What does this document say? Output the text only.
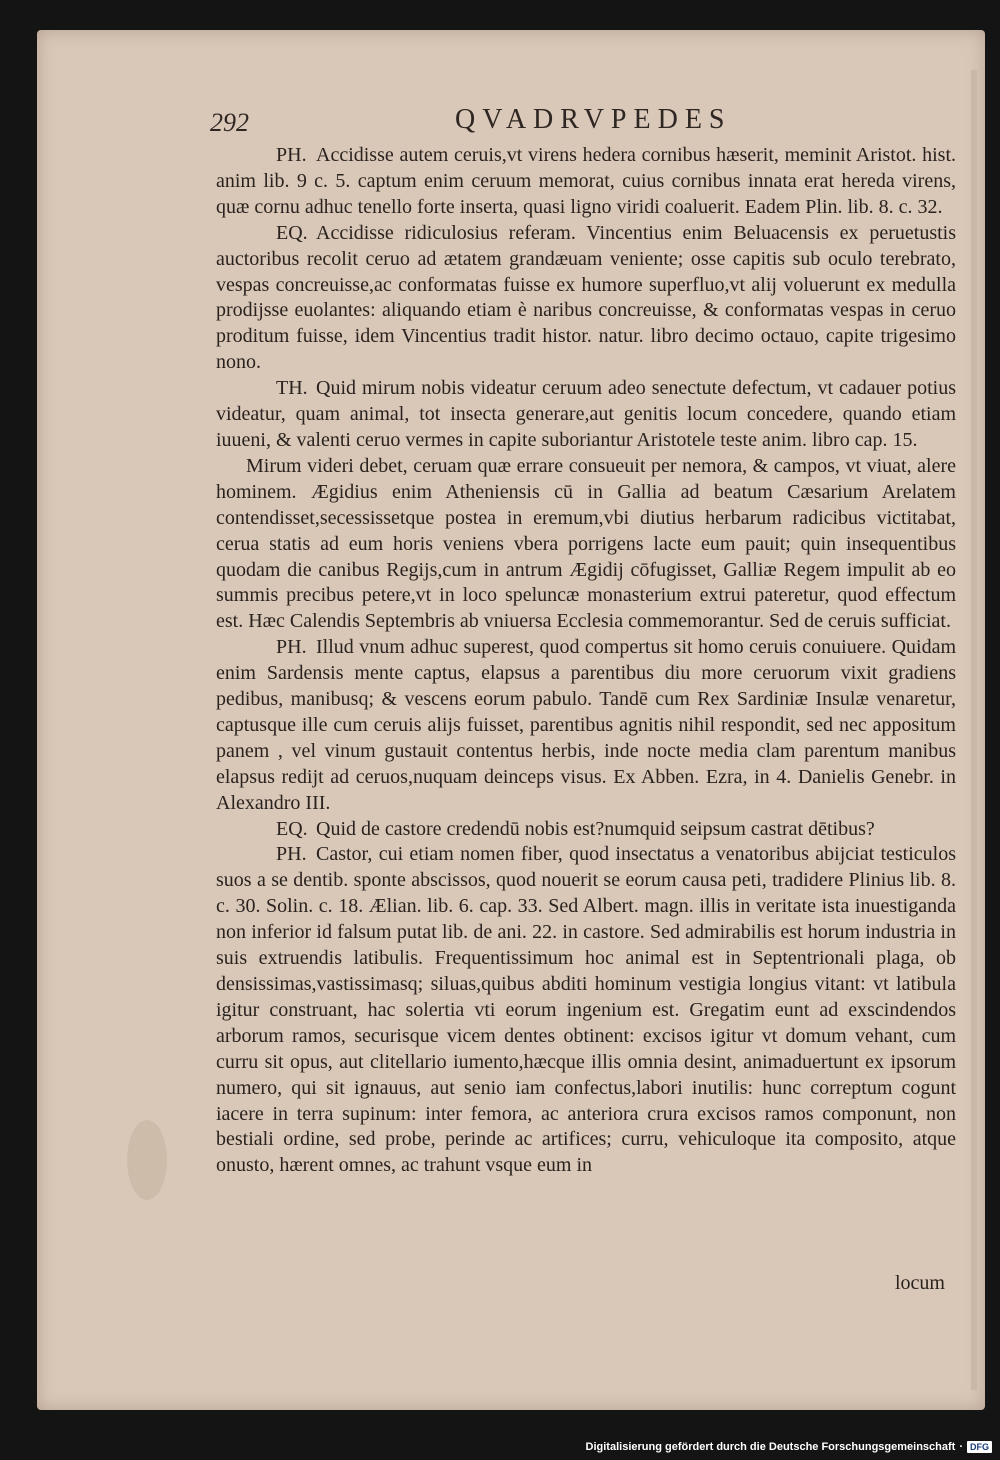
292	QVADRVPEDES

PH. Accidisse autem ceruis,vt virens hedera cornibus hæserit, meminit Aristot. hist. anim lib. 9 c. 5. captum enim ceruum memorat, cuius cornibus innata erat hereda virens, quæ cornu adhuc tenello forte inserta, quasi ligno viridi coaluerit. Eadem Plin. lib. 8. c. 32.

EQ. Accidisse ridiculosius referam. Vincentius enim Beluacensis ex peruetustis auctoribus recolit ceruo ad ætatem grandæuam veniente; osse capitis sub oculo terebrato, vespas concreuisse,ac conformatas fuisse ex humore superfluo,vt alij voluerunt ex medulla prodijsse euolantes: aliquando etiam è naribus concreuisse, & conformatas vespas in ceruo proditum fuisse, idem Vincentius tradit histor. natur. libro decimo octauo, capite trigesimo nono.

TH. Quid mirum nobis videatur ceruum adeo senectute defectum, vt cadauer potius videatur, quam animal, tot insecta generare,aut genitis locum concedere, quando etiam iuueni, & valenti ceruo vermes in capite suboriantur Aristotele teste anim. libro cap. 15.

Mirum videri debet, ceruam quæ errare consueuit per nemora, & campos, vt viuat, alere hominem. Ægidius enim Atheniensis cū in Gallia ad beatum Cæsarium Arelatem contendisset,secessissetque postea in eremum,vbi diutius herbarum radicibus victitabat, cerua statis ad eum horis veniens vbera porrigens lacte eum pauit; quin insequentibus quodam die canibus Regijs,cum in antrum Ægidij cōfugisset, Galliæ Regem impulit ab eo summis precibus petere,vt in loco speluncæ monasterium extrui pateretur, quod effectum est. Hæc Calendis Septembris ab vniuersa Ecclesia commemorantur. Sed de ceruis sufficiat.

PH. Illud vnum adhuc superest, quod compertus sit homo ceruis conuiuere. Quidam enim Sardensis mente captus, elapsus a parentibus diu more ceruorum vixit gradiens pedibus, manibusq; & vescens eorum pabulo. Tandē cum Rex Sardiniæ Insulæ venaretur, captusque ille cum ceruis alijs fuisset, parentibus agnitis nihil respondit, sed nec appositum panem , vel vinum gustauit contentus herbis, inde nocte media clam parentum manibus elapsus redijt ad ceruos,nuquam deinceps visus. Ex Abben. Ezra, in 4. Danielis Genebr. in Alexandro III.

EQ. Quid de castore credendū nobis est?numquid seipsum castrat dētibus?

PH. Castor, cui etiam nomen fiber, quod insectatus a venatoribus abijciat testiculos suos a se dentib. sponte abscissos, quod nouerit se eorum causa peti, tradidere Plinius lib. 8. c. 30. Solin. c. 18. Ælian. lib. 6. cap. 33. Sed Albert. magn. illis in veritate ista inuestiganda non inferior id falsum putat lib. de ani. 22. in castore. Sed admirabilis est horum industria in suis extruendis latibulis. Frequentissimum hoc animal est in Septentrionali plaga, ob densissimas,vastissimasq; siluas,quibus abditi hominum vestigia longius vitant: vt latibula igitur construant, hac solertia vti eorum ingenium est. Gregatim eunt ad exscindendos arborum ramos, securisque vicem dentes obtinent: excisos igitur vt domum vehant, cum curru sit opus, aut clitellario iumento,hæcque illis omnia desint, animaduertunt ex ipsorum numero, qui sit ignauus, aut senio iam confectus,labori inutilis: hunc correptum cogunt iacere in terra supinum: inter femora, ac anteriora crura excisos ramos componunt, non bestiali ordine, sed probe, perinde ac artifices; curru, vehiculoque ita composito, atque onusto, hærent omnes, ac trahunt vsque eum in

locum
Digitalisierung gefördert durch die Deutsche Forschungsgemeinschaft · DFG
